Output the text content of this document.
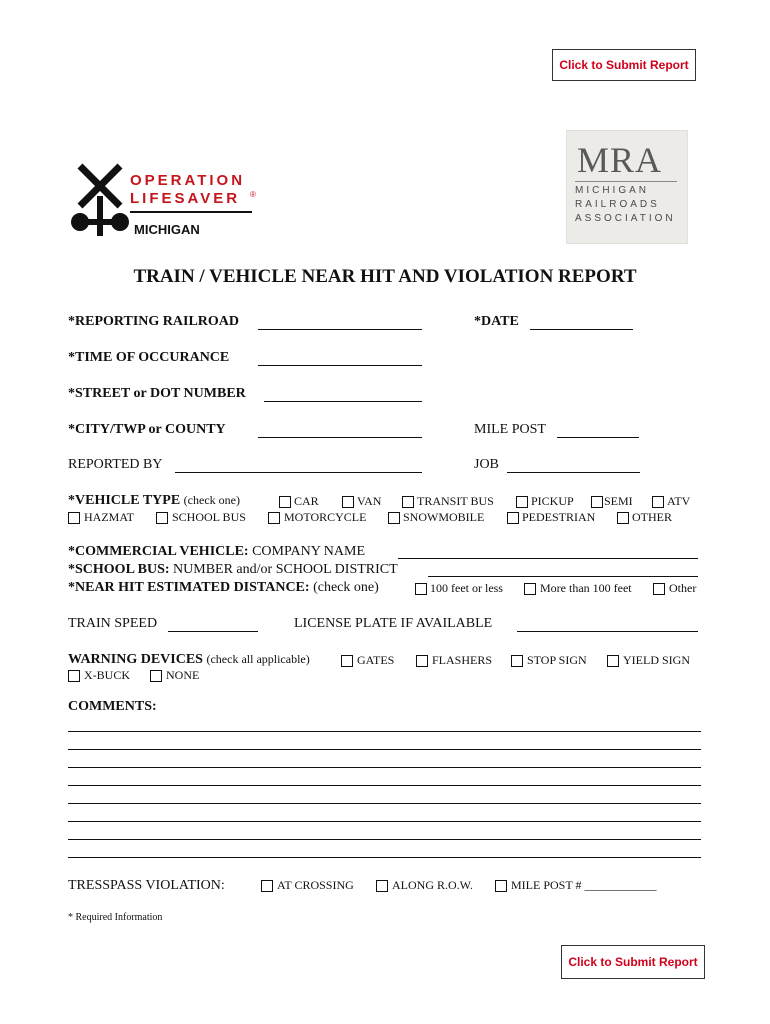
Click to Submit Report
OPERATION
LIFESAVER ®
MICHIGAN
MRA
MICHIGAN
RAILROADS
ASSOCIATION
TRAIN / VEHICLE NEAR HIT AND VIOLATION REPORT
*REPORTING RAILROAD	*DATE
*TIME OF OCCURANCE
*STREET or DOT NUMBER
*CITY/TWP or COUNTY	MILE POST
REPORTED BY	JOB
*VEHICLE TYPE (check one)	CAR	VAN	TRANSIT BUS	PICKUP	SEMI	ATV
HAZMAT	SCHOOL BUS	MOTORCYCLE	SNOWMOBILE	PEDESTRIAN	OTHER
*COMMERCIAL VEHICLE: COMPANY NAME
*SCHOOL BUS: NUMBER and/or SCHOOL DISTRICT
*NEAR HIT ESTIMATED DISTANCE: (check one)	100 feet or less	More than 100 feet	Other
TRAIN SPEED	LICENSE PLATE IF AVAILABLE
WARNING DEVICES (check all applicable)	GATES	FLASHERS	STOP SIGN	YIELD SIGN
X-BUCK	NONE
COMMENTS:
TRESSPASS VIOLATION:	AT CROSSING	ALONG R.O.W.	MILE POST # ____________
* Required Information
Click to Submit Report
